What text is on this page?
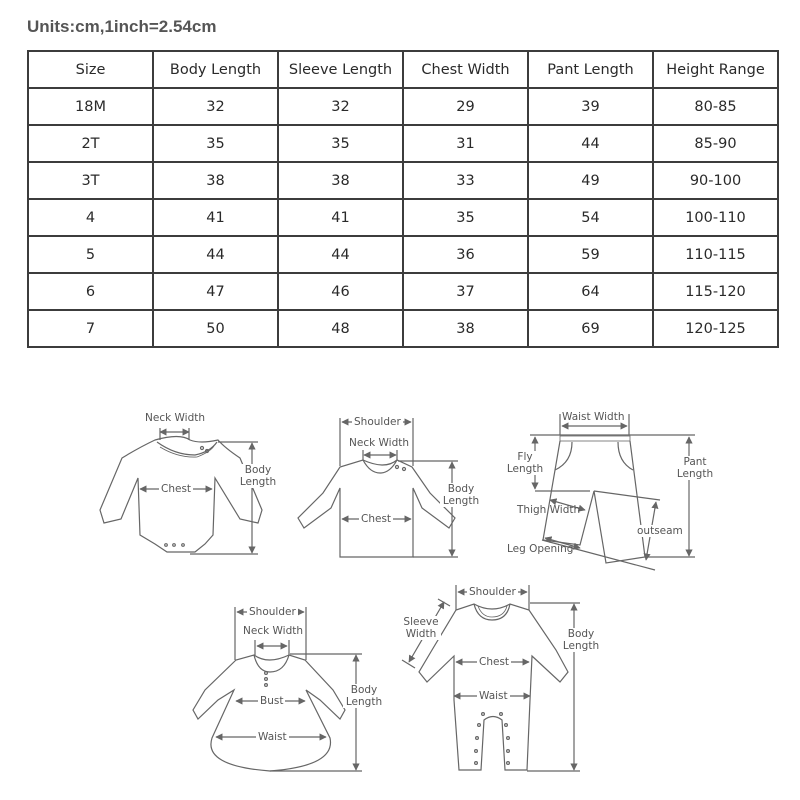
Units:cm,1inch=2.54cm
Size	Body Length	Sleeve Length	Chest Width	Pant Length	Height Range
18M	32	32	29	39	80-85
2T	35	35	31	44	85-90
3T	38	38	33	49	90-100
4	41	41	35	54	100-110
5	44	44	36	59	110-115
6	47	46	37	64	115-120
7	50	48	38	69	120-125
Neck Width
Chest
Body
Length
Shoulder
Neck Width
Chest
Body
Length
Waist Width
Fly
Length
Pant
Length
Thigh Width
outseam
Leg Opening
Shoulder
Neck Width
Bust
Waist
Body
Length
Shoulder
Sleeve
Width
Chest
Waist
Body
Length
